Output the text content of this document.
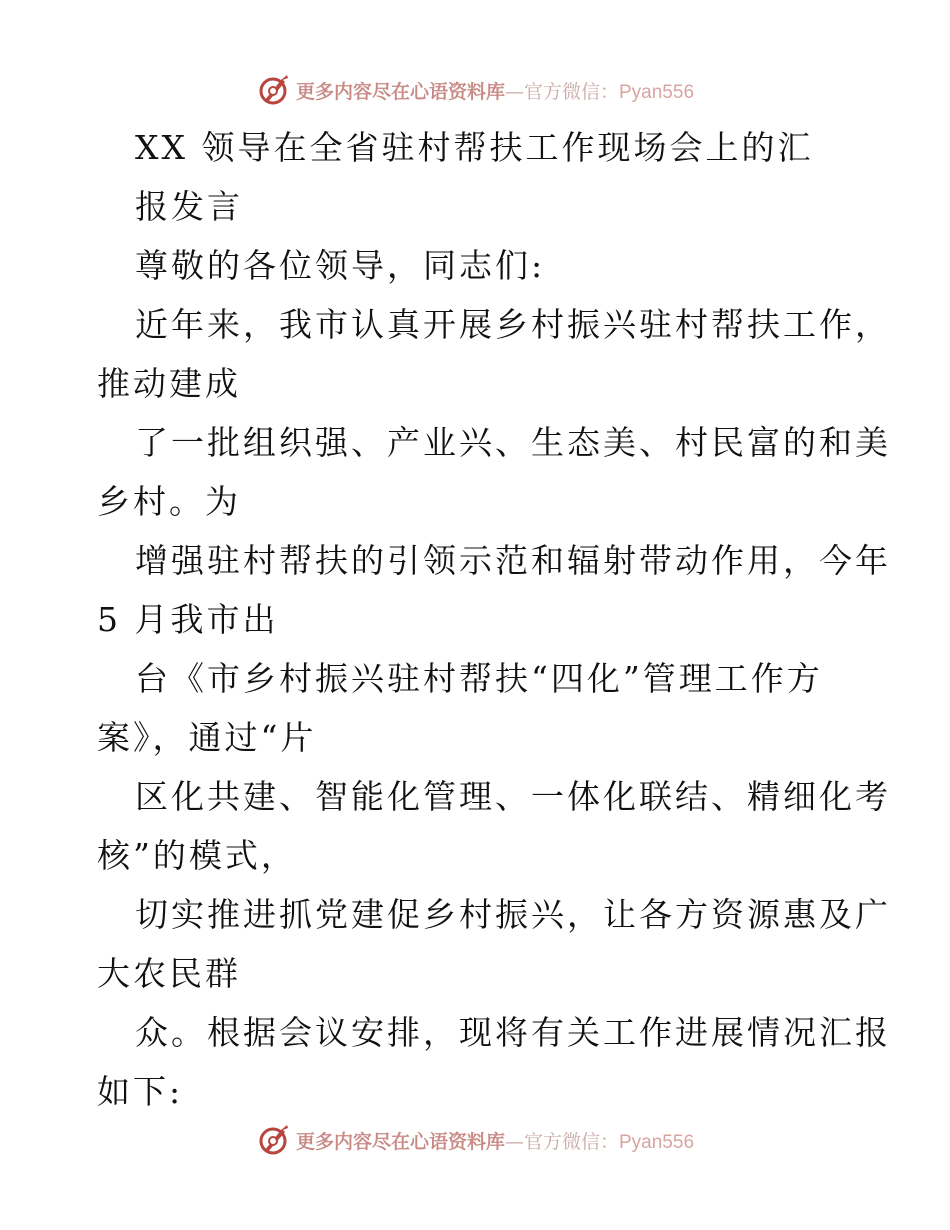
更多内容尽在心语资料库—官方微信：Pyan556
XX 领导在全省驻村帮扶工作现场会上的汇
报发言
尊敬的各位领导，同志们:
近年来，我市认真开展乡村振兴驻村帮扶工作，
推动建成
了一批组织强、产业兴、生态美、村民富的和美
乡村。为
增强驻村帮扶的引领示范和辐射带动作用，今年
5 月我市出
台《市乡村振兴驻村帮扶“四化”管理工作方
案》，通过“片
区化共建、智能化管理、一体化联结、精细化考
核”的模式，
切实推进抓党建促乡村振兴，让各方资源惠及广
大农民群
众。根据会议安排，现将有关工作进展情况汇报
如下:
更多内容尽在心语资料库—官方微信：Pyan556
